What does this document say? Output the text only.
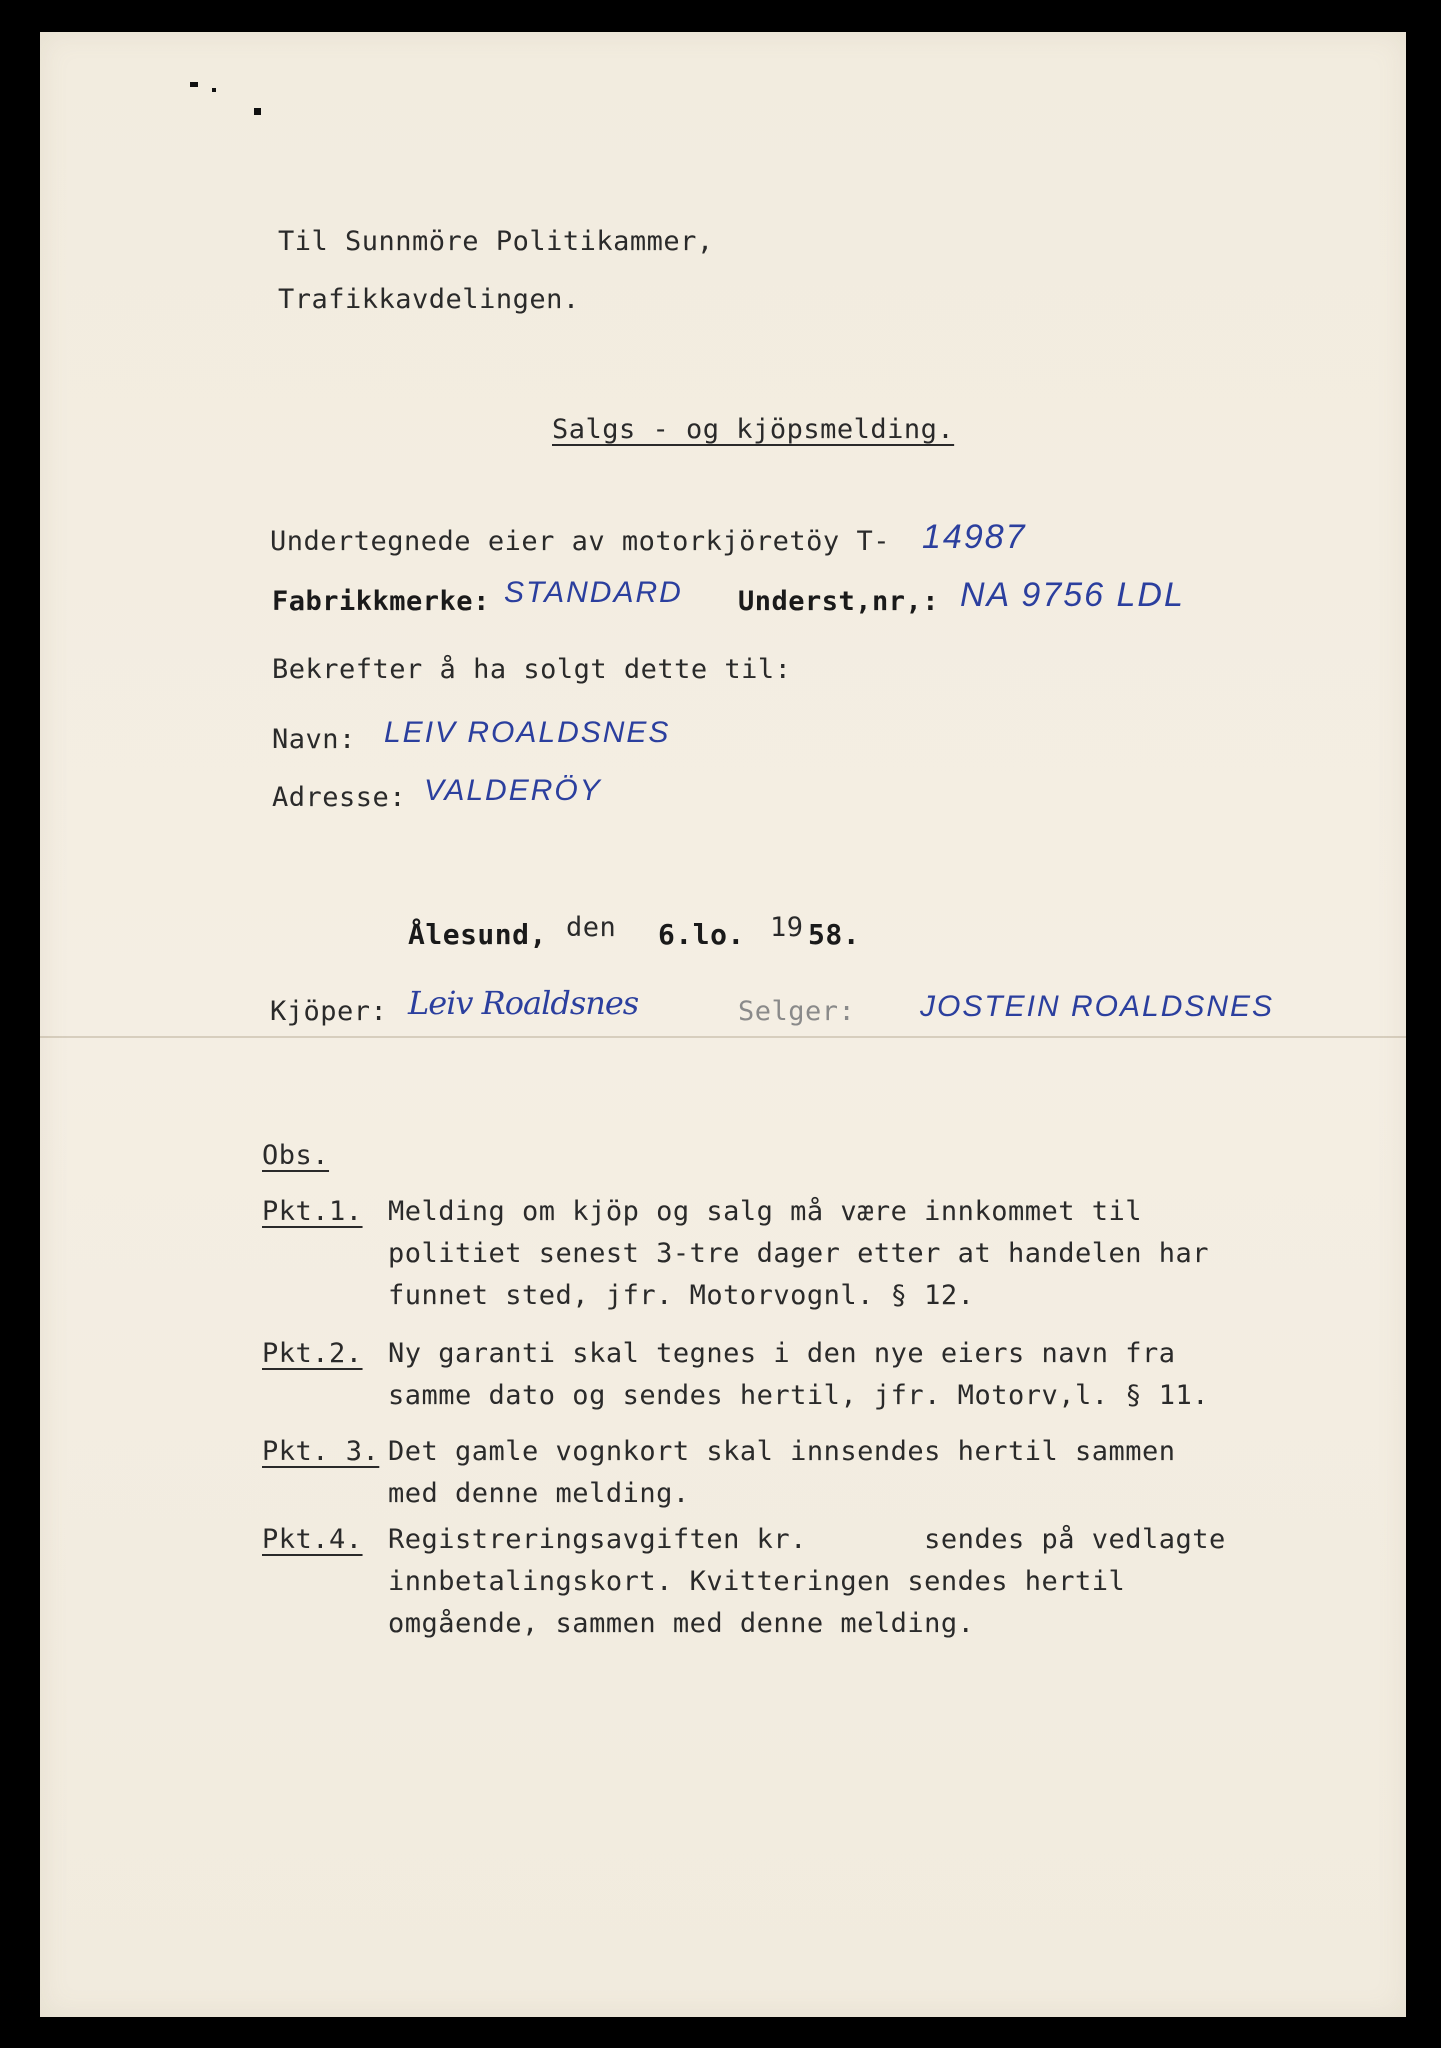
Til Sunnmöre Politikammer,
Trafikkavdelingen.
Salgs - og kjöpsmelding.
Undertegnede eier av motorkjöretöy T- 14987
Fabrikkmerke: STANDARD Underst,nr,: NA 9756 LDL
Bekrefter å ha solgt dette til:
Navn: LEIV ROALDSNES
Adresse: VALDERÖY
Ålesund, den 6.lo. 19 58.
Kjöper: Leiv Roaldsnes	Selger: JOSTEIN ROALDSNES
Obs.
Pkt.1. Melding om kjöp og salg må være innkommet til
politiet senest 3-tre dager etter at handelen har
funnet sted, jfr. Motorvognl. § 12.
Pkt.2. Ny garanti skal tegnes i den nye eiers navn fra
samme dato og sendes hertil, jfr. Motorv,l. § 11.
Pkt. 3. Det gamle vognkort skal innsendes hertil sammen
med denne melding.
Pkt.4. Registreringsavgiften kr.       sendes på vedlagte
innbetalingskort. Kvitteringen sendes hertil
omgående, sammen med denne melding.
